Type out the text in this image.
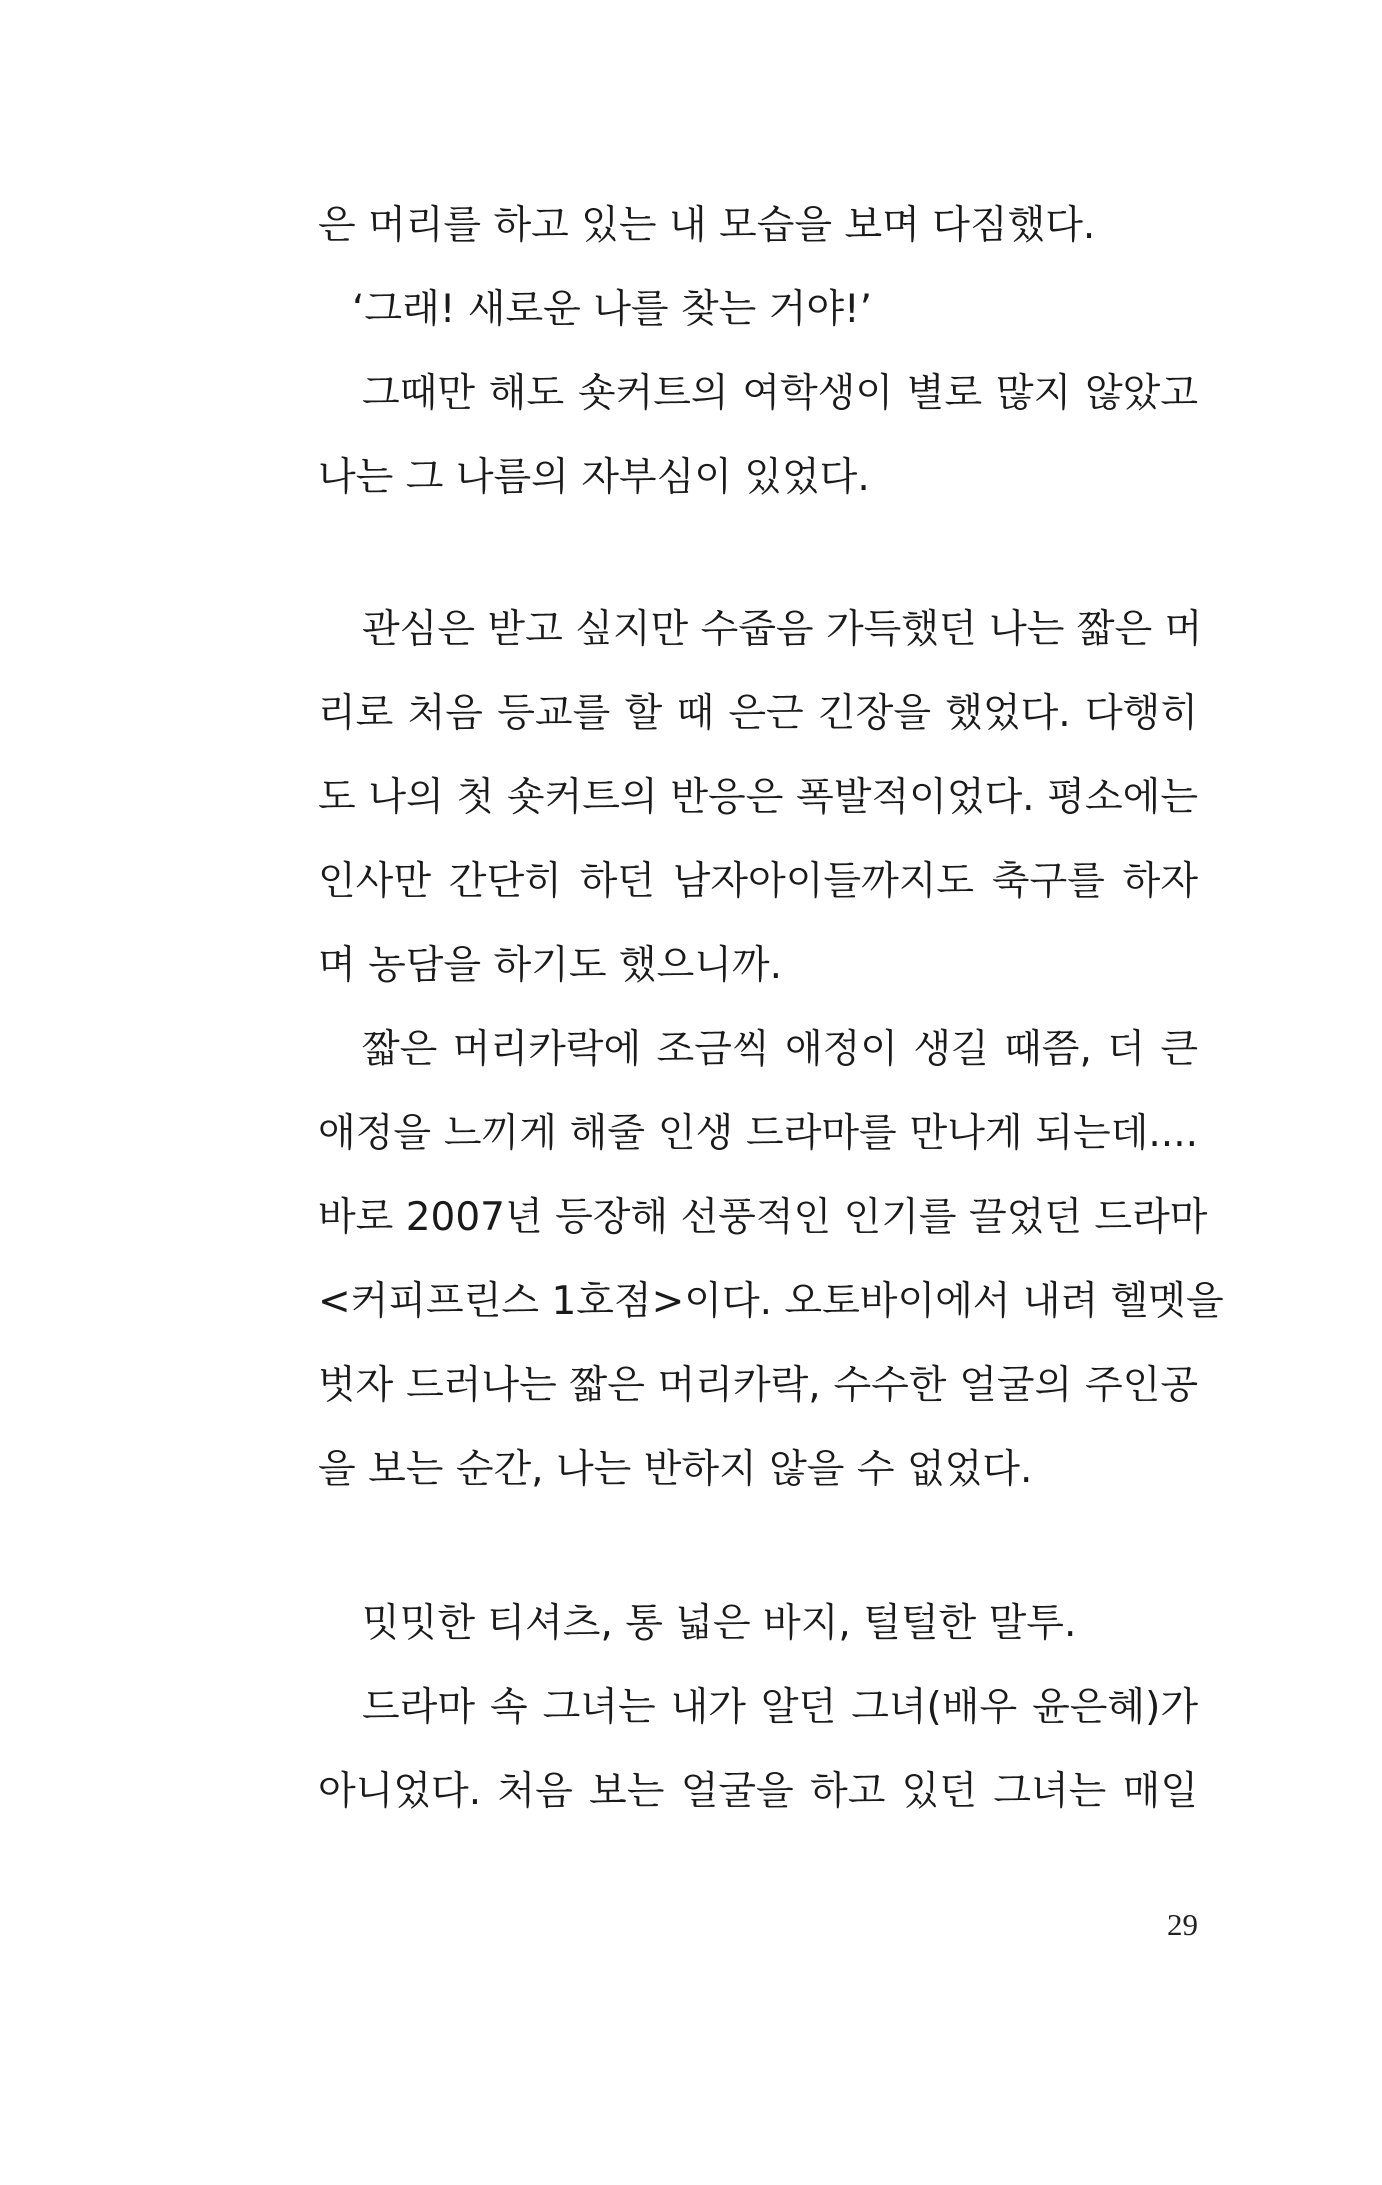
은 머리를 하고 있는 내 모습을 보며 다짐했다.
‘그래! 새로운 나를 찾는 거야!’
그때만 해도 숏커트의 여학생이 별로 많지 않았고
나는 그 나름의 자부심이 있었다.
관심은 받고 싶지만 수줍음 가득했던 나는 짧은 머
리로 처음 등교를 할 때 은근 긴장을 했었다. 다행히
도 나의 첫 숏커트의 반응은 폭발적이었다. 평소에는
인사만 간단히 하던 남자아이들까지도 축구를 하자
며 농담을 하기도 했으니까.
짧은 머리카락에 조금씩 애정이 생길 때쯤, 더 큰
애정을 느끼게 해줄 인생 드라마를 만나게 되는데....
바로 2007년 등장해 선풍적인 인기를 끌었던 드라마
<커피프린스 1호점>이다. 오토바이에서 내려 헬멧을
벗자 드러나는 짧은 머리카락, 수수한 얼굴의 주인공
을 보는 순간, 나는 반하지 않을 수 없었다.
밋밋한 티셔츠, 통 넓은 바지, 털털한 말투.
드라마 속 그녀는 내가 알던 그녀(배우 윤은혜)가
아니었다. 처음 보는 얼굴을 하고 있던 그녀는 매일
29
